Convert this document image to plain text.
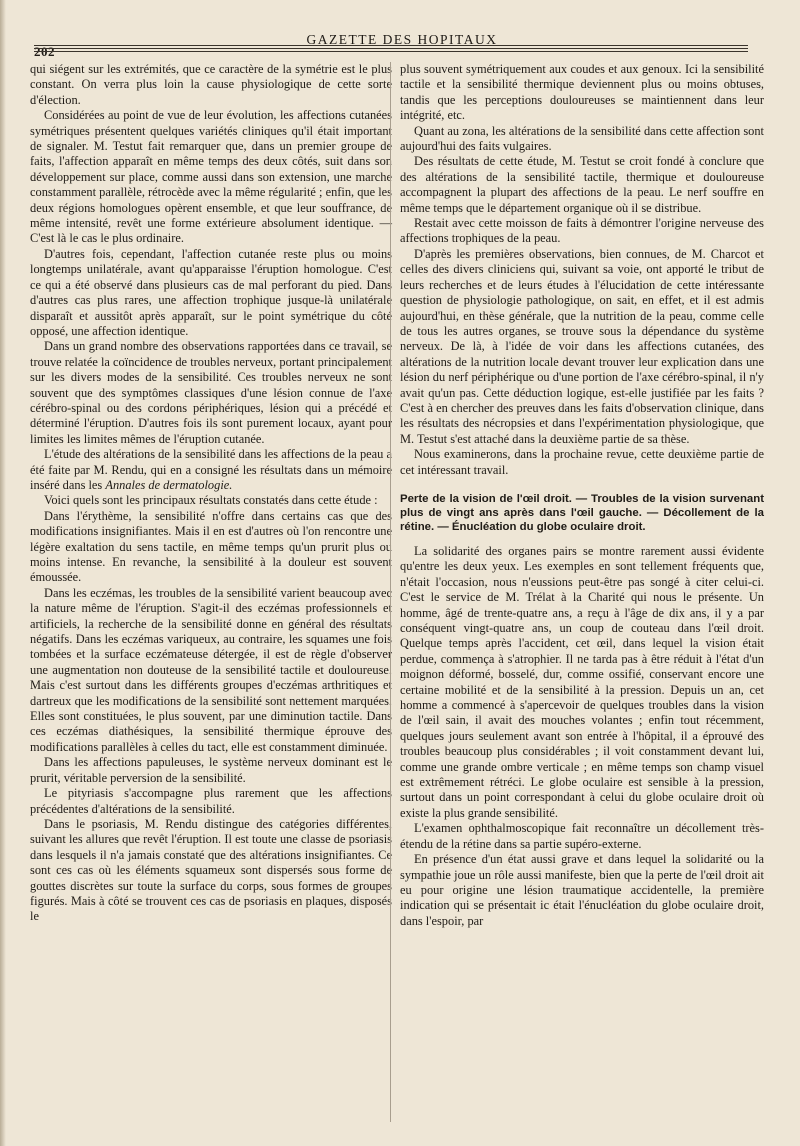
202
GAZETTE DES HOPITAUX

qui siégent sur les extrémités, que ce caractère de la symétrie est le plus constant. On verra plus loin la cause physiologique de cette sorte d'élection.

Considérées au point de vue de leur évolution, les affections cutanées symétriques présentent quelques variétés cliniques qu'il était important de signaler. M. Testut fait remarquer que, dans un premier groupe de faits, l'affection apparaît en même temps des deux côtés, suit dans son développement sur place, comme aussi dans son extension, une marche constamment parallèle, rétrocède avec la même régularité ; enfin, que les deux régions homologues opèrent ensemble, et que leur souffrance, de même intensité, revêt une forme extérieure absolument identique. — C'est là le cas le plus ordinaire.

D'autres fois, cependant, l'affection cutanée reste plus ou moins longtemps unilatérale, avant qu'apparaisse l'éruption homologue. C'est ce qui a été observé dans plusieurs cas de mal perforant du pied. Dans d'autres cas plus rares, une affection trophique jusque-là unilatérale disparaît et aussitôt après apparaît, sur le point symétrique du côté opposé, une affection identique.

Dans un grand nombre des observations rapportées dans ce travail, se trouve relatée la coïncidence de troubles nerveux, portant principalement sur les divers modes de la sensibilité. Ces troubles nerveux ne sont souvent que des symptômes classiques d'une lésion connue de l'axe cérébro-spinal ou des cordons périphériques, lésion qui a précédé et déterminé l'éruption. D'autres fois ils sont purement locaux, ayant pour limites les limites mêmes de l'éruption cutanée.

L'étude des altérations de la sensibilité dans les affections de la peau a été faite par M. Rendu, qui en a consigné les résultats dans un mémoire inséré dans les Annales de dermatologie.

Voici quels sont les principaux résultats constatés dans cette étude :

Dans l'érythème, la sensibilité n'offre dans certains cas que des modifications insignifiantes. Mais il en est d'autres où l'on rencontre une légère exaltation du sens tactile, en même temps qu'un prurit plus ou moins intense. En revanche, la sensibilité à la douleur est souvent émoussée.

Dans les eczémas, les troubles de la sensibilité varient beaucoup avec la nature même de l'éruption. S'agit-il des eczémas professionnels et artificiels, la recherche de la sensibilité donne en général des résultats négatifs. Dans les eczémas variqueux, au contraire, les squames une fois tombées et la surface eczémateuse détergée, il est de règle d'observer une augmentation non douteuse de la sensibilité tactile et douloureuse. Mais c'est surtout dans les différents groupes d'eczémas arthritiques et dartreux que les modifications de la sensibilité sont nettement marquées. Elles sont constituées, le plus souvent, par une diminution tactile. Dans ces eczémas diathésiques, la sensibilité thermique éprouve des modifications parallèles à celles du tact, elle est constamment diminuée.

Dans les affections papuleuses, le système nerveux dominant est le prurit, véritable perversion de la sensibilité.

Le pityriasis s'accompagne plus rarement que les affections précédentes d'altérations de la sensibilité.

Dans le psoriasis, M. Rendu distingue des catégories différentes, suivant les allures que revêt l'éruption. Il est toute une classe de psoriasis dans lesquels il n'a jamais constaté que des altérations insignifiantes. Ce sont ces cas où les éléments squameux sont dispersés sous forme de gouttes discrètes sur toute la surface du corps, sous formes de groupes figurés. Mais à côté se trouvent ces cas de psoriasis en plaques, disposés le

plus souvent symétriquement aux coudes et aux genoux. Ici la sensibilité tactile et la sensibilité thermique deviennent plus ou moins obtuses, tandis que les perceptions douloureuses se maintiennent dans leur intégrité, etc.

Quant au zona, les altérations de la sensibilité dans cette affection sont aujourd'hui des faits vulgaires.

Des résultats de cette étude, M. Testut se croit fondé à conclure que des altérations de la sensibilité tactile, thermique et douloureuse accompagnent la plupart des affections de la peau. Le nerf souffre en même temps que le département organique où il se distribue.

Restait avec cette moisson de faits à démontrer l'origine nerveuse des affections trophiques de la peau.

D'après les premières observations, bien connues, de M. Charcot et celles des divers cliniciens qui, suivant sa voie, ont apporté le tribut de leurs recherches et de leurs études à l'élucidation de cette intéressante question de physiologie pathologique, on sait, en effet, et il est admis aujourd'hui, en thèse générale, que la nutrition de la peau, comme celle de tous les autres organes, se trouve sous la dépendance du système nerveux. De là, à l'idée de voir dans les affections cutanées, des altérations de la nutrition locale devant trouver leur explication dans une lésion du nerf périphérique ou d'une portion de l'axe cérébro-spinal, il n'y avait qu'un pas. Cette déduction logique, est-elle justifiée par les faits ? C'est à en chercher des preuves dans les faits d'observation clinique, dans les résultats des nécropsies et dans l'expérimentation physiologique, que M. Testut s'est attaché dans la deuxième partie de sa thèse.

Nous examinerons, dans la prochaine revue, cette deuxième partie de cet intéressant travail.

Perte de la vision de l'œil droit. — Troubles de la vision survenant plus de vingt ans après dans l'œil gauche. — Décollement de la rétine. — Énucléation du globe oculaire droit.

La solidarité des organes pairs se montre rarement aussi évidente qu'entre les deux yeux. Les exemples en sont tellement fréquents que, n'était l'occasion, nous n'eussions peut-être pas songé à citer celui-ci. C'est le service de M. Trélat à la Charité qui nous le présente. Un homme, âgé de trente-quatre ans, a reçu à l'âge de dix ans, il y a par conséquent vingt-quatre ans, un coup de couteau dans l'œil droit. Quelque temps après l'accident, cet œil, dans lequel la vision était perdue, commença à s'atrophier. Il ne tarda pas à être réduit à l'état d'un moignon déformé, bosselé, dur, comme ossifié, conservant encore une certaine mobilité et de la sensibilité à la pression. Depuis un an, cet homme a commencé à s'apercevoir de quelques troubles dans la vision de l'œil sain, il avait des mouches volantes ; enfin tout récemment, quelques jours seulement avant son entrée à l'hôpital, il a éprouvé des troubles beaucoup plus considérables ; il voit constamment devant lui, comme une grande ombre verticale ; en même temps son champ visuel est extrêmement rétréci. Le globe oculaire est sensible à la pression, surtout dans un point correspondant à celui du globe oculaire droit où existe la plus grande sensibilité.

L'examen ophthalmoscopique fait reconnaître un décollement très-étendu de la rétine dans sa partie supéro-externe.

En présence d'un état aussi grave et dans lequel la solidarité ou la sympathie joue un rôle aussi manifeste, bien que la perte de l'œil droit ait eu pour origine une lésion traumatique accidentelle, la première indication qui se présentait ic était l'énucléation du globe oculaire droit, dans l'espoir, par
